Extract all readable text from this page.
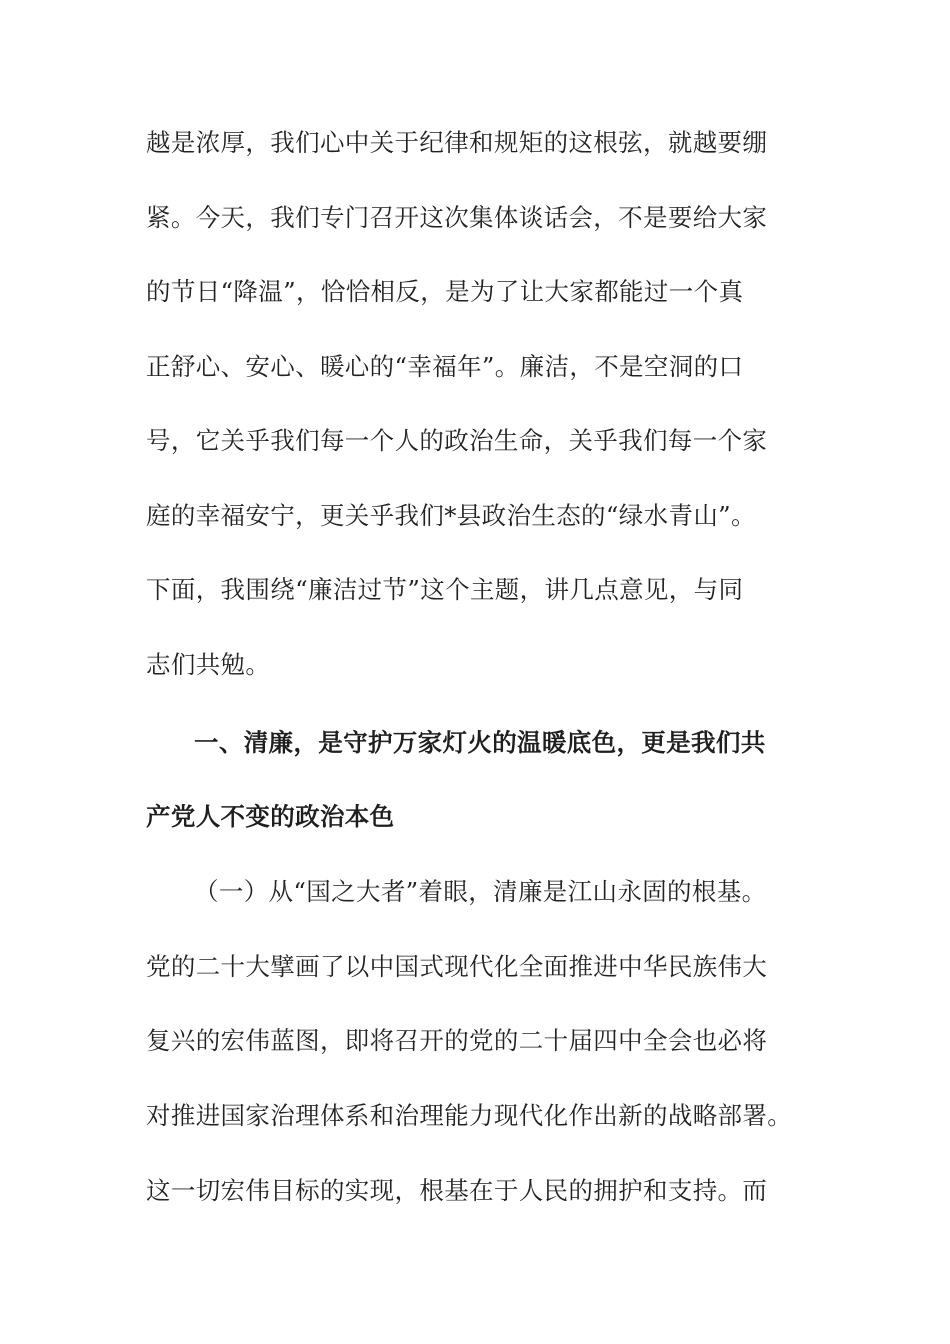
越是浓厚，我们心中关于纪律和规矩的这根弦，就越要绷
紧。今天，我们专门召开这次集体谈话会，不是要给大家
的节日“降温”，恰恰相反，是为了让大家都能过一个真
正舒心、安心、暖心的“幸福年”。廉洁，不是空洞的口
号，它关乎我们每一个人的政治生命，关乎我们每一个家
庭的幸福安宁，更关乎我们*县政治生态的“绿水青山”。
下面，我围绕“廉洁过节”这个主题，讲几点意见，与同
志们共勉。
一、清廉，是守护万家灯火的温暖底色，更是我们共
产党人不变的政治本色
（一）从“国之大者”着眼，清廉是江山永固的根基。
党的二十大擘画了以中国式现代化全面推进中华民族伟大
复兴的宏伟蓝图，即将召开的党的二十届四中全会也必将
对推进国家治理体系和治理能力现代化作出新的战略部署。
这一切宏伟目标的实现，根基在于人民的拥护和支持。而
